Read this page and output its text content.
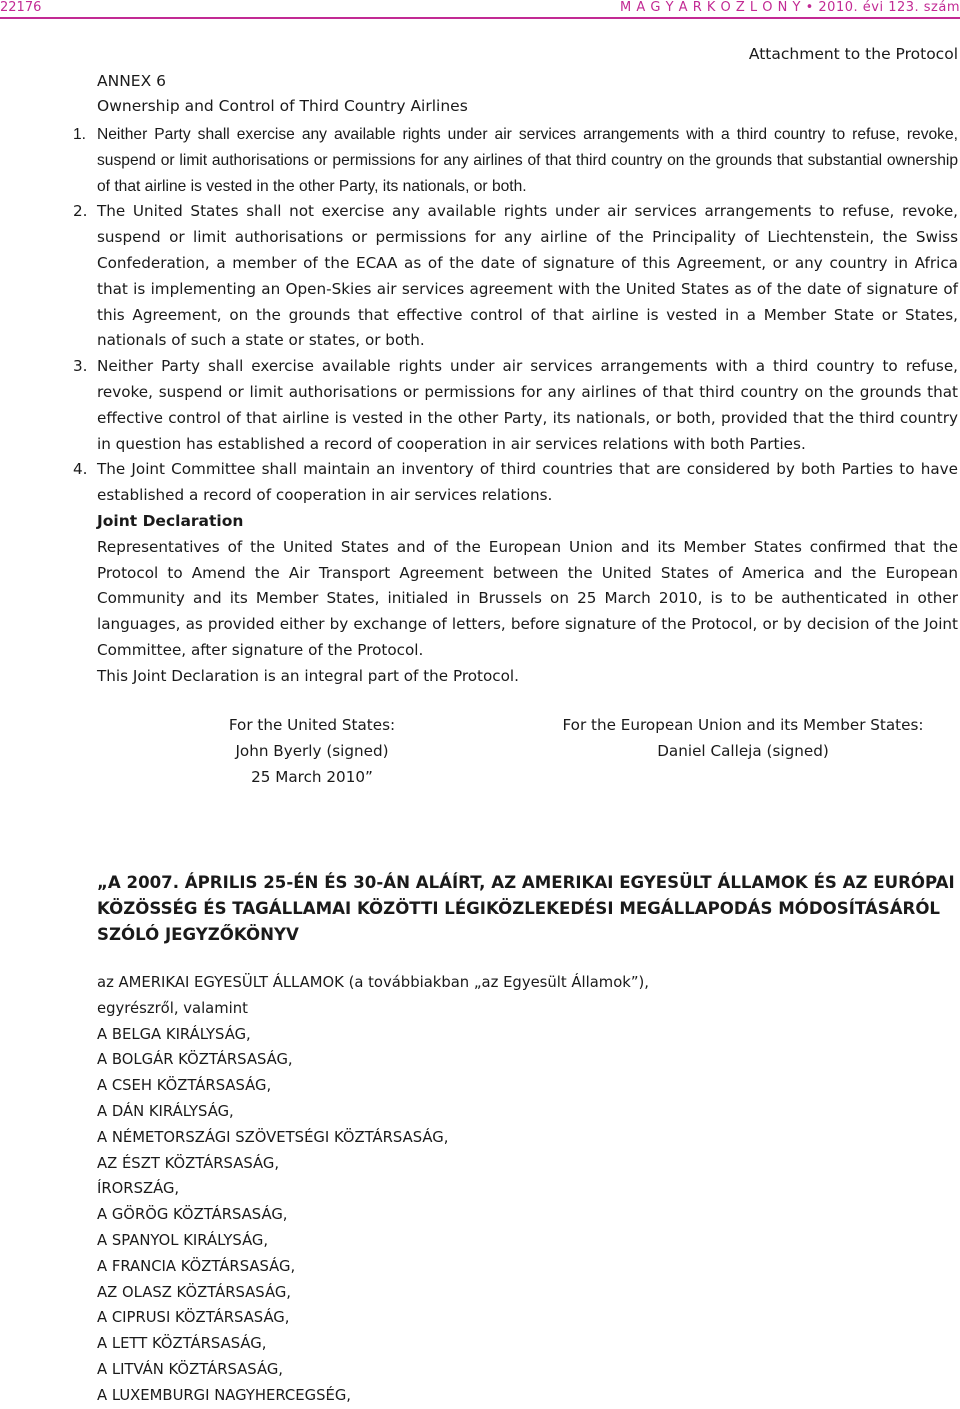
22176	M A G Y A R K Ö Z L Ö N Y • 2010. évi 123. szám
Attachment to the Protocol
ANNEX 6
Ownership and Control of Third Country Airlines
1. Neither Party shall exercise any available rights under air services arrangements with a third country to refuse, revoke, suspend or limit authorisations or permissions for any airlines of that third country on the grounds that substantial ownership of that airline is vested in the other Party, its nationals, or both.
2. The United States shall not exercise any available rights under air services arrangements to refuse, revoke, suspend or limit authorisations or permissions for any airline of the Principality of Liechtenstein, the Swiss Confederation, a member of the ECAA as of the date of signature of this Agreement, or any country in Africa that is implementing an Open-Skies air services agreement with the United States as of the date of signature of this Agreement, on the grounds that effective control of that airline is vested in a Member State or States, nationals of such a state or states, or both.
3. Neither Party shall exercise available rights under air services arrangements with a third country to refuse, revoke, suspend or limit authorisations or permissions for any airlines of that third country on the grounds that effective control of that airline is vested in the other Party, its nationals, or both, provided that the third country in question has established a record of cooperation in air services relations with both Parties.
4. The Joint Committee shall maintain an inventory of third countries that are considered by both Parties to have established a record of cooperation in air services relations.
Joint Declaration

Representatives of the United States and of the European Union and its Member States confirmed that the Protocol to Amend the Air Transport Agreement between the United States of America and the European Community and its Member States, initialed in Brussels on 25 March 2010, is to be authenticated in other languages, as provided either by exchange of letters, before signature of the Protocol, or by decision of the Joint Committee, after signature of the Protocol.

This Joint Declaration is an integral part of the Protocol.

For the United States:
John Byerly (signed)
25 March 2010”
For the European Union and its Member States:
Daniel Calleja (signed)
„A 2007. ÁPRILIS 25-ÉN ÉS 30-ÁN ALÁÍRT, AZ AMERIKAI EGYESÜLT ÁLLAMOK ÉS AZ EURÓPAI KÖZÖSSÉG ÉS TAGÁLLAMAI KÖZÖTTI LÉGIKÖZLEKEDÉSI MEGÁLLAPODÁS MÓDOSÍTÁSÁRÓL SZÓLÓ JEGYZŐKÖNYV
az AMERIKAI EGYESÜLT ÁLLAMOK (a továbbiakban „az Egyesült Államok”),
egyrészről, valamint
A BELGA KIRÁLYSÁG,
A BOLGÁR KÖZTÁRSASÁG,
A CSEH KÖZTÁRSASÁG,
A DÁN KIRÁLYSÁG,
A NÉMETORSZÁGI SZÖVETSÉGI KÖZTÁRSASÁG,
AZ ÉSZT KÖZTÁRSASÁG,
ÍRORSZÁG,
A GÖRÖG KÖZTÁRSASÁG,
A SPANYOL KIRÁLYSÁG,
A FRANCIA KÖZTÁRSASÁG,
AZ OLASZ KÖZTÁRSASÁG,
A CIPRUSI KÖZTÁRSASÁG,
A LETT KÖZTÁRSASÁG,
A LITVÁN KÖZTÁRSASÁG,
A LUXEMBURGI NAGYHERCEGSÉG,
